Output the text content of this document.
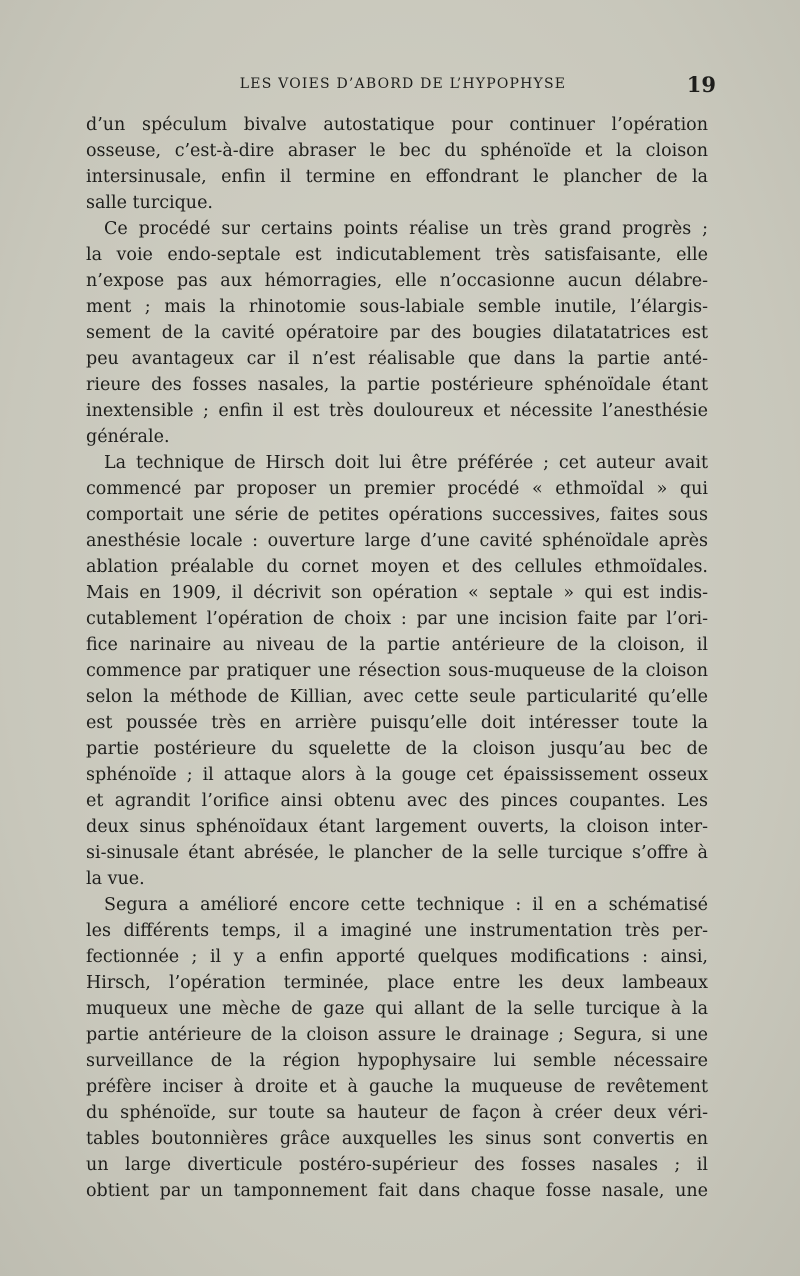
LES VOIES D’ABORD DE L’HYPOPHYSE	19
d’un spéculum bivalve autostatique pour continuer l’opération
osseuse, c’est-à-dire abraser le bec du sphénoïde et la cloison
intersinusale, enfin il termine en effondrant le plancher de la
salle turcique.
Ce procédé sur certains points réalise un très grand progrès ;
la voie endo-septale est indicutablement très satisfaisante, elle
n’expose pas aux hémorragies, elle n’occasionne aucun délabre-
ment ; mais la rhinotomie sous-labiale semble inutile, l’élargis-
sement de la cavité opératoire par des bougies dilatatatrices est
peu avantageux car il n’est réalisable que dans la partie anté-
rieure des fosses nasales, la partie postérieure sphénoïdale étant
inextensible ; enfin il est très douloureux et nécessite l’anesthésie
générale.
La technique de Hirsch doit lui être préférée ; cet auteur avait
commencé par proposer un premier procédé « ethmoïdal » qui
comportait une série de petites opérations successives, faites sous
anesthésie locale : ouverture large d’une cavité sphénoïdale après
ablation préalable du cornet moyen et des cellules ethmoïdales.
Mais en 1909, il décrivit son opération « septale » qui est indis-
cutablement l’opération de choix : par une incision faite par l’ori-
fice narinaire au niveau de la partie antérieure de la cloison, il
commence par pratiquer une résection sous-muqueuse de la cloison
selon la méthode de Killian, avec cette seule particularité qu’elle
est poussée très en arrière puisqu’elle doit intéresser toute la
partie postérieure du squelette de la cloison jusqu’au bec de
sphénoïde ; il attaque alors à la gouge cet épaississement osseux
et agrandit l’orifice ainsi obtenu avec des pinces coupantes. Les
deux sinus sphénoïdaux étant largement ouverts, la cloison inter-
si-sinusale étant abrésée, le plancher de la selle turcique s’offre à
la vue.
Segura a amélioré encore cette technique : il en a schématisé
les différents temps, il a imaginé une instrumentation très per-
fectionnée ; il y a enfin apporté quelques modifications : ainsi,
Hirsch, l’opération terminée, place entre les deux lambeaux
muqueux une mèche de gaze qui allant de la selle turcique à la
partie antérieure de la cloison assure le drainage ; Segura, si une
surveillance de la région hypophysaire lui semble nécessaire
préfère inciser à droite et à gauche la muqueuse de revêtement
du sphénoïde, sur toute sa hauteur de façon à créer deux véri-
tables boutonnières grâce auxquelles les sinus sont convertis en
un large diverticule postéro-supérieur des fosses nasales ; il
obtient par un tamponnement fait dans chaque fosse nasale, une
